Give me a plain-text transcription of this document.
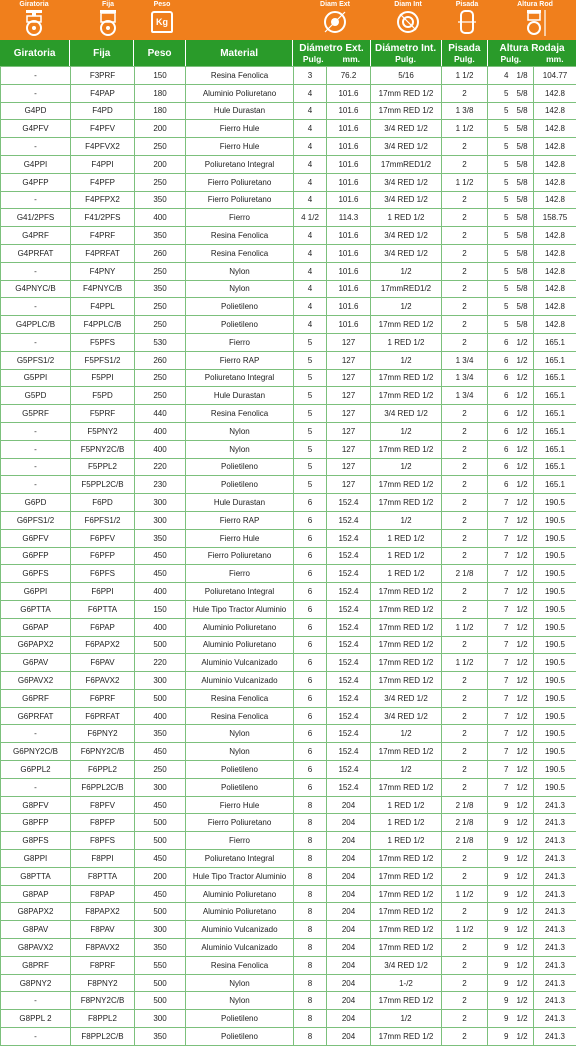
Giratoria	Fija	Peso
Kg
Diam Ext	Diam Int	Pisada	Altura Rod
Giratoria	Fija	Peso	Material	Diámetro Ext.
Pulg. mm.
Diámetro Int.
Pulg.
Pisada
Pulg.
Altura Rodaja
Pulg.	mm.
-	F3PRF	150	Resina Fenolica	3	76.2	5/16	1 1/2	4	1/8	104.77
-	F4PAP	180	Aluminio Poliuretano	4	101.6	17mm RED 1/2	2	5	5/8	142.8
G4PD	F4PD	180	Hule Durastan	4	101.6	17mm RED 1/2	1 3/8	5	5/8	142.8
G4PFV	F4PFV	200	Fierro Hule	4	101.6	3/4 RED 1/2	1 1/2	5	5/8	142.8
-	F4PFVX2	250	Fierro Hule	4	101.6	3/4 RED 1/2	2	5	5/8	142.8
G4PPI	F4PPI	200	Poliuretano Integral	4	101.6	17mmRED1/2	2	5	5/8	142.8
G4PFP	F4PFP	250	Fierro Poliuretano	4	101.6	3/4 RED 1/2	1 1/2	5	5/8	142.8
-	F4PFPX2	350	Fierro Poliuretano	4	101.6	3/4 RED 1/2	2	5	5/8	142.8
G41/2PFS	F41/2PFS	400	Fierro	4 1/2	114.3	1 RED 1/2	2	5	5/8	158.75
G4PRF	F4PRF	350	Resina Fenolica	4	101.6	3/4 RED 1/2	2	5	5/8	142.8
G4PRFAT	F4PRFAT	260	Resina Fenolica	4	101.6	3/4 RED 1/2	2	5	5/8	142.8
-	F4PNY	250	Nylon	4	101.6	1/2	2	5	5/8	142.8
G4PNYC/B	F4PNYC/B	350	Nylon	4	101.6	17mmRED1/2	2	5	5/8	142.8
-	F4PPL	250	Polietileno	4	101.6	1/2	2	5	5/8	142.8
G4PPLC/B	F4PPLC/B	250	Polietileno	4	101.6	17mm RED 1/2	2	5	5/8	142.8
-	F5PFS	530	Fierro	5	127	1 RED 1/2	2	6	1/2	165.1
G5PFS1/2	F5PFS1/2	260	Fierro RAP	5	127	1/2	1 3/4	6	1/2	165.1
G5PPI	F5PPI	250	Poliuretano Integral	5	127	17mm RED 1/2	1 3/4	6	1/2	165.1
G5PD	F5PD	250	Hule Durastan	5	127	17mm RED 1/2	1 3/4	6	1/2	165.1
G5PRF	F5PRF	440	Resina Fenolica	5	127	3/4 RED 1/2	2	6	1/2	165.1
-	F5PNY2	400	Nylon	5	127	1/2	2	6	1/2	165.1
-	F5PNY2C/B	400	Nylon	5	127	17mm RED 1/2	2	6	1/2	165.1
-	F5PPL2	220	Polietileno	5	127	1/2	2	6	1/2	165.1
-	F5PPL2C/B	230	Polietileno	5	127	17mm RED 1/2	2	6	1/2	165.1
G6PD	F6PD	300	Hule Durastan	6	152.4	17mm RED 1/2	2	7	1/2	190.5
G6PFS1/2	F6PFS1/2	300	Fierro RAP	6	152.4	1/2	2	7	1/2	190.5
G6PFV	F6PFV	350	Fierro Hule	6	152.4	1 RED 1/2	2	7	1/2	190.5
G6PFP	F6PFP	450	Fierro Poliuretano	6	152.4	1 RED 1/2	2	7	1/2	190.5
G6PFS	F6PFS	450	Fierro	6	152.4	1 RED 1/2	2 1/8	7	1/2	190.5
G6PPI	F6PPI	400	Poliuretano Integral	6	152.4	17mm RED 1/2	2	7	1/2	190.5
G6PTTA	F6PTTA	150	Hule Tipo Tractor Aluminio	6	152.4	17mm RED 1/2	2	7	1/2	190.5
G6PAP	F6PAP	400	Aluminio Poliuretano	6	152.4	17mm RED 1/2	1 1/2	7	1/2	190.5
G6PAPX2	F6PAPX2	500	Aluminio Poliuretano	6	152.4	17mm RED 1/2	2	7	1/2	190.5
G6PAV	F6PAV	220	Aluminio Vulcanizado	6	152.4	17mm RED 1/2	1 1/2	7	1/2	190.5
G6PAVX2	F6PAVX2	300	Aluminio Vulcanizado	6	152.4	17mm RED 1/2	2	7	1/2	190.5
G6PRF	F6PRF	500	Resina Fenolica	6	152.4	3/4 RED 1/2	2	7	1/2	190.5
G6PRFAT	F6PRFAT	400	Resina Fenolica	6	152.4	3/4 RED 1/2	2	7	1/2	190.5
-	F6PNY2	350	Nylon	6	152.4	1/2	2	7	1/2	190.5
G6PNY2C/B	F6PNY2C/B	450	Nylon	6	152.4	17mm RED 1/2	2	7	1/2	190.5
G6PPL2	F6PPL2	250	Polietileno	6	152.4	1/2	2	7	1/2	190.5
-	F6PPL2C/B	300	Polietileno	6	152.4	17mm RED 1/2	2	7	1/2	190.5
G8PFV	F8PFV	450	Fierro Hule	8	204	1 RED 1/2	2 1/8	9	1/2	241.3
G8PFP	F8PFP	500	Fierro Poliuretano	8	204	1 RED 1/2	2 1/8	9	1/2	241.3
G8PFS	F8PFS	500	Fierro	8	204	1 RED 1/2	2 1/8	9	1/2	241.3
G8PPI	F8PPI	450	Poliuretano Integral	8	204	17mm RED 1/2	2	9	1/2	241.3
G8PTTA	F8PTTA	200	Hule Tipo Tractor Aluminio	8	204	17mm RED 1/2	2	9	1/2	241.3
G8PAP	F8PAP	450	Aluminio Poliuretano	8	204	17mm RED 1/2	1 1/2	9	1/2	241.3
G8PAPX2	F8PAPX2	500	Aluminio Poliuretano	8	204	17mm RED 1/2	2	9	1/2	241.3
G8PAV	F8PAV	300	Aluminio Vulcanizado	8	204	17mm RED 1/2	1 1/2	9	1/2	241.3
G8PAVX2	F8PAVX2	350	Aluminio Vulcanizado	8	204	17mm RED 1/2	2	9	1/2	241.3
G8PRF	F8PRF	550	Resina Fenolica	8	204	3/4 RED 1/2	2	9	1/2	241.3
G8PNY2	F8PNY2	500	Nylon	8	204	1-/2	2	9	1/2	241.3
-	F8PNY2C/B	500	Nylon	8	204	17mm RED 1/2	2	9	1/2	241.3
G8PPL 2	F8PPL2	300	Polietileno	8	204	1/2	2	9	1/2	241.3
-	F8PPL2C/B	350	Polietileno	8	204	17mm RED 1/2	2	9	1/2	241.3
